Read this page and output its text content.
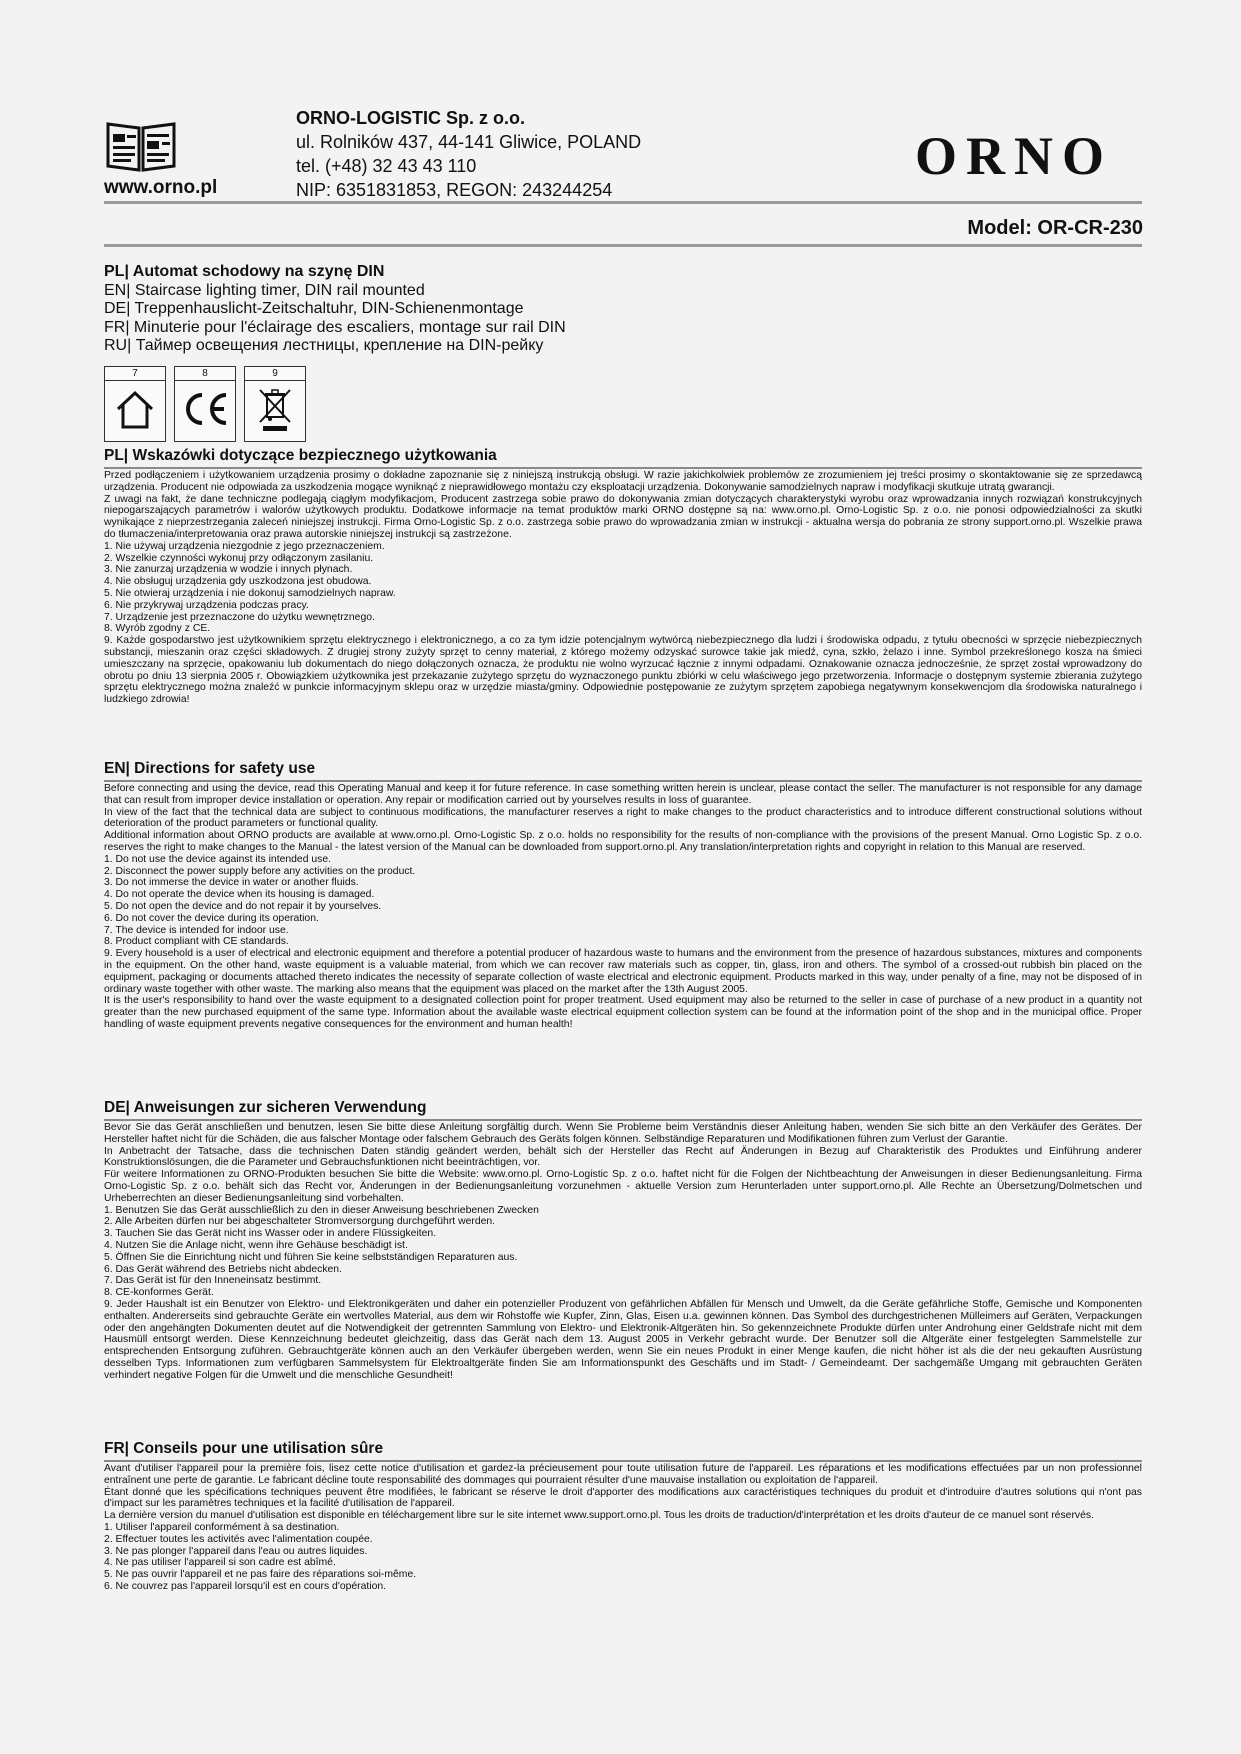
www.orno.pl
ORNO-LOGISTIC Sp. z o.o.
ul. Rolników 437, 44-141 Gliwice, POLAND
tel. (+48) 32 43 43 110
NIP: 6351831853, REGON: 243244254
ORNO
Model: OR-CR-230
PL| Automat schodowy na szynę DIN
EN| Staircase lighting timer, DIN rail mounted
DE| Treppenhauslicht-Zeitschaltuhr, DIN-Schienenmontage
FR| Minuterie pour l'éclairage des escaliers, montage sur rail DIN
RU| Таймер освещения лестницы, крепление на DIN-рейку
7	8	9
PL| Wskazówki dotyczące bezpiecznego użytkowania

Przed podłączeniem i użytkowaniem urządzenia prosimy o dokładne zapoznanie się z niniejszą instrukcją obsługi. W razie jakichkolwiek problemów ze zrozumieniem jej treści prosimy o skontaktowanie się ze sprzedawcą urządzenia. Producent nie odpowiada za uszkodzenia mogące wyniknąć z nieprawidłowego montażu czy eksploatacji urządzenia. Dokonywanie samodzielnych napraw i modyfikacji skutkuje utratą gwarancji.

Z uwagi na fakt, że dane techniczne podlegają ciągłym modyfikacjom, Producent zastrzega sobie prawo do dokonywania zmian dotyczących charakterystyki wyrobu oraz wprowadzania innych rozwiązań konstrukcyjnych niepogarszających parametrów i walorów użytkowych produktu. Dodatkowe informacje na temat produktów marki ORNO dostępne są na: www.orno.pl. Orno-Logistic Sp. z o.o. nie ponosi odpowiedzialności za skutki wynikające z nieprzestrzegania zaleceń niniejszej instrukcji. Firma Orno-Logistic Sp. z o.o. zastrzega sobie prawo do wprowadzania zmian w instrukcji - aktualna wersja do pobrania ze strony support.orno.pl. Wszelkie prawa do tłumaczenia/interpretowania oraz prawa autorskie niniejszej instrukcji są zastrzeżone.

1. Nie używaj urządzenia niezgodnie z jego przeznaczeniem.

2. Wszelkie czynności wykonuj przy odłączonym zasilaniu.

3. Nie zanurzaj urządzenia w wodzie i innych płynach.

4. Nie obsługuj urządzenia gdy uszkodzona jest obudowa.

5. Nie otwieraj urządzenia i nie dokonuj samodzielnych napraw.

6. Nie przykrywaj urządzenia podczas pracy.

7. Urządzenie jest przeznaczone do użytku wewnętrznego.

8. Wyrób zgodny z CE.

9. Każde gospodarstwo jest użytkownikiem sprzętu elektrycznego i elektronicznego, a co za tym idzie potencjalnym wytwórcą niebezpiecznego dla ludzi i środowiska odpadu, z tytułu obecności w sprzęcie niebezpiecznych substancji, mieszanin oraz części składowych. Z drugiej strony zużyty sprzęt to cenny materiał, z którego możemy odzyskać surowce takie jak miedź, cyna, szkło, żelazo i inne. Symbol przekreślonego kosza na śmieci umieszczany na sprzęcie, opakowaniu lub dokumentach do niego dołączonych oznacza, że produktu nie wolno wyrzucać łącznie z innymi odpadami. Oznakowanie oznacza jednocześnie, że sprzęt został wprowadzony do obrotu po dniu 13 sierpnia 2005 r. Obowiązkiem użytkownika jest przekazanie zużytego sprzętu do wyznaczonego punktu zbiórki w celu właściwego jego przetworzenia. Informacje o dostępnym systemie zbierania zużytego sprzętu elektrycznego można znaleźć w punkcie informacyjnym sklepu oraz w urzędzie miasta/gminy. Odpowiednie postępowanie ze zużytym sprzętem zapobiega negatywnym konsekwencjom dla środowiska naturalnego i ludzkiego zdrowia!

EN| Directions for safety use

Before connecting and using the device, read this Operating Manual and keep it for future reference. In case something written herein is unclear, please contact the seller. The manufacturer is not responsible for any damage that can result from improper device installation or operation. Any repair or modification carried out by yourselves results in loss of guarantee.

In view of the fact that the technical data are subject to continuous modifications, the manufacturer reserves a right to make changes to the product characteristics and to introduce different constructional solutions without deterioration of the product parameters or functional quality.

Additional information about ORNO products are available at www.orno.pl. Orno-Logistic Sp. z o.o. holds no responsibility for the results of non-compliance with the provisions of the present Manual. Orno Logistic Sp. z o.o. reserves the right to make changes to the Manual - the latest version of the Manual can be downloaded from support.orno.pl. Any translation/interpretation rights and copyright in relation to this Manual are reserved.

1. Do not use the device against its intended use.

2. Disconnect the power supply before any activities on the product.

3. Do not immerse the device in water or another fluids.

4. Do not operate the device when its housing is damaged.

5. Do not open the device and do not repair it by yourselves.

6. Do not cover the device during its operation.

7. The device is intended for indoor use.

8. Product compliant with CE standards.

9. Every household is a user of electrical and electronic equipment and therefore a potential producer of hazardous waste to humans and the environment from the presence of hazardous substances, mixtures and components in the equipment. On the other hand, waste equipment is a valuable material, from which we can recover raw materials such as copper, tin, glass, iron and others. The symbol of a crossed-out rubbish bin placed on the equipment, packaging or documents attached thereto indicates the necessity of separate collection of waste electrical and electronic equipment. Products marked in this way, under penalty of a fine, may not be disposed of in ordinary waste together with other waste. The marking also means that the equipment was placed on the market after the 13th August 2005.

It is the user's responsibility to hand over the waste equipment to a designated collection point for proper treatment. Used equipment may also be returned to the seller in case of purchase of a new product in a quantity not greater than the new purchased equipment of the same type. Information about the available waste electrical equipment collection system can be found at the information point of the shop and in the municipal office. Proper handling of waste equipment prevents negative consequences for the environment and human health!

DE| Anweisungen zur sicheren Verwendung

Bevor Sie das Gerät anschließen und benutzen, lesen Sie bitte diese Anleitung sorgfältig durch. Wenn Sie Probleme beim Verständnis dieser Anleitung haben, wenden Sie sich bitte an den Verkäufer des Gerätes. Der Hersteller haftet nicht für die Schäden, die aus falscher Montage oder falschem Gebrauch des Geräts folgen können. Selbständige Reparaturen und Modifikationen führen zum Verlust der Garantie.

In Anbetracht der Tatsache, dass die technischen Daten ständig geändert werden, behält sich der Hersteller das Recht auf Änderungen in Bezug auf Charakteristik des Produktes und Einführung anderer Konstruktionslösungen, die die Parameter und Gebrauchsfunktionen nicht beeinträchtigen, vor.

Für weitere Informationen zu ORNO-Produkten besuchen Sie bitte die Website: www.orno.pl. Orno-Logistic Sp. z o.o. haftet nicht für die Folgen der Nichtbeachtung der Anweisungen in dieser Bedienungsanleitung. Firma Orno-Logistic Sp. z o.o. behält sich das Recht vor, Änderungen in der Bedienungsanleitung vorzunehmen - aktuelle Version zum Herunterladen unter support.orno.pl. Alle Rechte an Übersetzung/Dolmetschen und Urheberrechten an dieser Bedienungsanleitung sind vorbehalten.

1. Benutzen Sie das Gerät ausschließlich zu den in dieser Anweisung beschriebenen Zwecken

2. Alle Arbeiten dürfen nur bei abgeschalteter Stromversorgung durchgeführt werden.

3. Tauchen Sie das Gerät nicht ins Wasser oder in andere Flüssigkeiten.

4. Nutzen Sie die Anlage nicht, wenn ihre Gehäuse beschädigt ist.

5. Öffnen Sie die Einrichtung nicht und führen Sie keine selbstständigen Reparaturen aus.

6. Das Gerät während des Betriebs nicht abdecken.

7. Das Gerät ist für den Inneneinsatz bestimmt.

8. CE-konformes Gerät.

9. Jeder Haushalt ist ein Benutzer von Elektro- und Elektronikgeräten und daher ein potenzieller Produzent von gefährlichen Abfällen für Mensch und Umwelt, da die Geräte gefährliche Stoffe, Gemische und Komponenten enthalten. Andererseits sind gebrauchte Geräte ein wertvolles Material, aus dem wir Rohstoffe wie Kupfer, Zinn, Glas, Eisen u.a. gewinnen können. Das Symbol des durchgestrichenen Mülleimers auf Geräten, Verpackungen oder den angehängten Dokumenten deutet auf die Notwendigkeit der getrennten Sammlung von Elektro- und Elektronik-Altgeräten hin. So gekennzeichnete Produkte dürfen unter Androhung einer Geldstrafe nicht mit dem Hausmüll entsorgt werden. Diese Kennzeichnung bedeutet gleichzeitig, dass das Gerät nach dem 13. August 2005 in Verkehr gebracht wurde. Der Benutzer soll die Altgeräte einer festgelegten Sammelstelle zur entsprechenden Entsorgung zuführen. Gebrauchtgeräte können auch an den Verkäufer übergeben werden, wenn Sie ein neues Produkt in einer Menge kaufen, die nicht höher ist als die der neu gekauften Ausrüstung desselben Typs. Informationen zum verfügbaren Sammelsystem für Elektroaltgeräte finden Sie am Informationspunkt des Geschäfts und im Stadt- / Gemeindeamt. Der sachgemäße Umgang mit gebrauchten Geräten verhindert negative Folgen für die Umwelt und die menschliche Gesundheit!

FR| Conseils pour une utilisation sûre

Avant d'utiliser l'appareil pour la première fois, lisez cette notice d'utilisation et gardez-la précieusement pour toute utilisation future de l'appareil. Les réparations et les modifications effectuées par un non professionnel entraînent une perte de garantie. Le fabricant décline toute responsabilité des dommages qui pourraient résulter d'une mauvaise installation ou exploitation de l'appareil.

Étant donné que les spécifications techniques peuvent être modifiées, le fabricant se réserve le droit d'apporter des modifications aux caractéristiques techniques du produit et d'introduire d'autres solutions qui n'ont pas d'impact sur les paramètres techniques et la facilité d'utilisation de l'appareil.

La dernière version du manuel d'utilisation est disponible en téléchargement libre sur le site internet www.support.orno.pl. Tous les droits de traduction/d'interprétation et les droits d'auteur de ce manuel sont réservés.

1. Utiliser l'appareil conformément à sa destination.

2. Effectuer toutes les activités avec l'alimentation coupée.

3. Ne pas plonger l'appareil dans l'eau ou autres liquides.

4. Ne pas utiliser l'appareil si son cadre est abîmé.

5. Ne pas ouvrir l'appareil et ne pas faire des réparations soi-même.

6. Ne couvrez pas l'appareil lorsqu'il est en cours d'opération.
